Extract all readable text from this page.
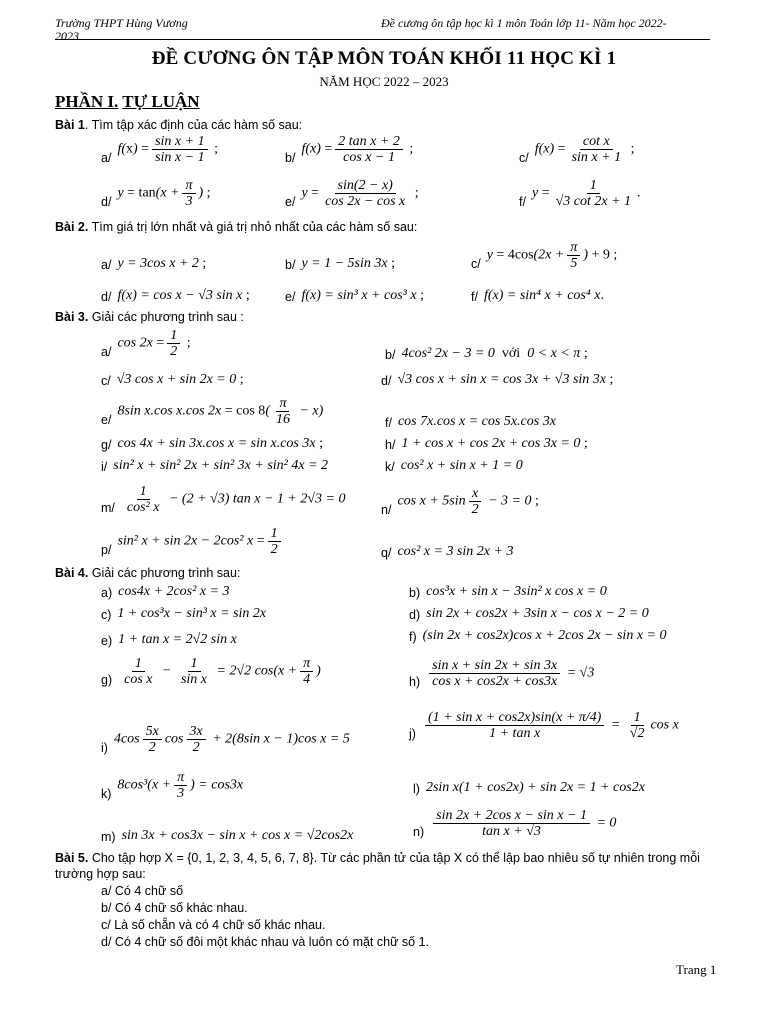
Trường THPT Hùng Vương
2023
Đề cương ôn tập học kì 1 môn Toán lớp 11- Năm học 2022-
ĐỀ CƯƠNG ÔN TẬP MÔN TOÁN KHỐI 11 HỌC KÌ 1
NĂM HỌC 2022 – 2023
PHẦN I. TỰ LUẬN
Bài 1. Tìm tập xác định của các hàm số sau:
a/
$f(x) = \frac{\text{sin x + 1}}{\text{sin x − 1}}$ ;
b/
$f(x) = \frac{\text{2 tan x + 2}}{\text{cos x − 1}}$ ;
c/
$f(x) = \frac{\text{cot x}}{\text{sin x + 1}}$ ;
d/
$y = \tan(x + \frac{\pi}{3}$ ) ;
e/
$y = \frac{\sin(2 - x)}{\text{cos 2x − cos x}}$ ;
f/
$y = \frac{1}{√3 \cot 2x + 1}$ .
Bài 2. Tìm giá trị lớn nhất và giá trị nhỏ nhất của các hàm số sau:
a/ y = 3cos x + 2 ;	b/ y = 1 − 5sin 3x ;	c/
$y = 4\cos(2x + \frac{\pi}{5}$ ) + 9 ;
d/ f(x) = cos x − √3 sin x ;	e/ f(x) = sin³ x + cos³ x ;	f/ f(x) = sin⁴ x + cos⁴ x.
Bài 3. Giải các phương trình sau :
a/
$\cos 2x = \frac{1}{2}$ ;
b/ 4cos² 2x − 3 = 0  với  0 < x < π ;
c/ √3 cos x + sin 2x = 0 ;	d/ √3 cos x + sin x = cos 3x + √3 sin 3x ;
e/
8sin x.cos x.cos $2x = \cos 8( \frac{\pi}{16} - x)$
f/ cos 7x.cos x = cos 5x.cos 3x
g/ cos 4x + sin 3x.cos x = sin x.cos 3x ;	h/ 1 + cos x + cos 2x + cos 3x = 0 ;
i/ sin² x + sin² 2x + sin² 3x + sin² 4x = 2	k/ cos² x + sin x + 1 = 0
$m/ \frac{1}{\text{cos² x}} - (2 + √3)$ tan x − 1 + 2√3 = 0
n/
$\cos x + 5\sin \frac{x}{2} - 3 = 0$ ;
p/
sin² x + sin 2x − 2cos² $x = \frac{1}{2}$	q/ cos² x = 3 sin 2x + 3
Bài 4. Giải các phương trình sau:
a) cos4x + 2cos² x = 3	b) cos³x + sin x − 3sin² x cos x = 0
c) 1 + cos³x − sin³ x = sin 2x	d) sin 2x + cos2x + 3sin x − cos x − 2 = 0
e) 1 + tan x = 2√2 sin x	f) (sin 2x + cos2x)cos x + 2cos 2x − sin x = 0
$g) \frac{1}{\text{cos x}} - \frac{1}{\text{sin x}} = 2√2$ $\cos(x + \frac{\pi}{4}$ )
$h) \frac{\text{sin x + sin 2x + sin 3x}}{\text{cos x + cos2x + cos3x}} = √3$
i)
$4\cos \frac{5x}{2}$ $\cos \frac{3x}{2} + 2(8\sin$ x − 1)cos x = 5	$j) \frac{\text{(1 + sin x + cos2x)sin(x + π/4)}}{\text{1 + tan x}} = \frac{1}{√2}$ cos x
k)
$8\cos^3(x + \frac{\pi}{3}$ ) = cos3x	l) 2sin x(1 + cos2x) + sin 2x = 1 + cos2x
m) sin 3x + cos3x − sin x + cos x = √2cos2x	$n) \frac{\text{sin 2x + 2cos x − sin x − 1}}{\text{tan x + √3}} = 0$
Bài 5. Cho tập hợp X = {0, 1, 2, 3, 4, 5, 6, 7, 8}. Từ các phần tử của tập X có thể lập bao nhiêu số tự nhiên trong mỗi trường hợp sau:
a/ Có 4 chữ số
b/ Có 4 chữ số khác nhau.
c/ Là số chẵn và có 4 chữ số khác nhau.
d/ Có 4 chữ số đôi một khác nhau và luôn có mặt chữ số 1.
Trang 1
